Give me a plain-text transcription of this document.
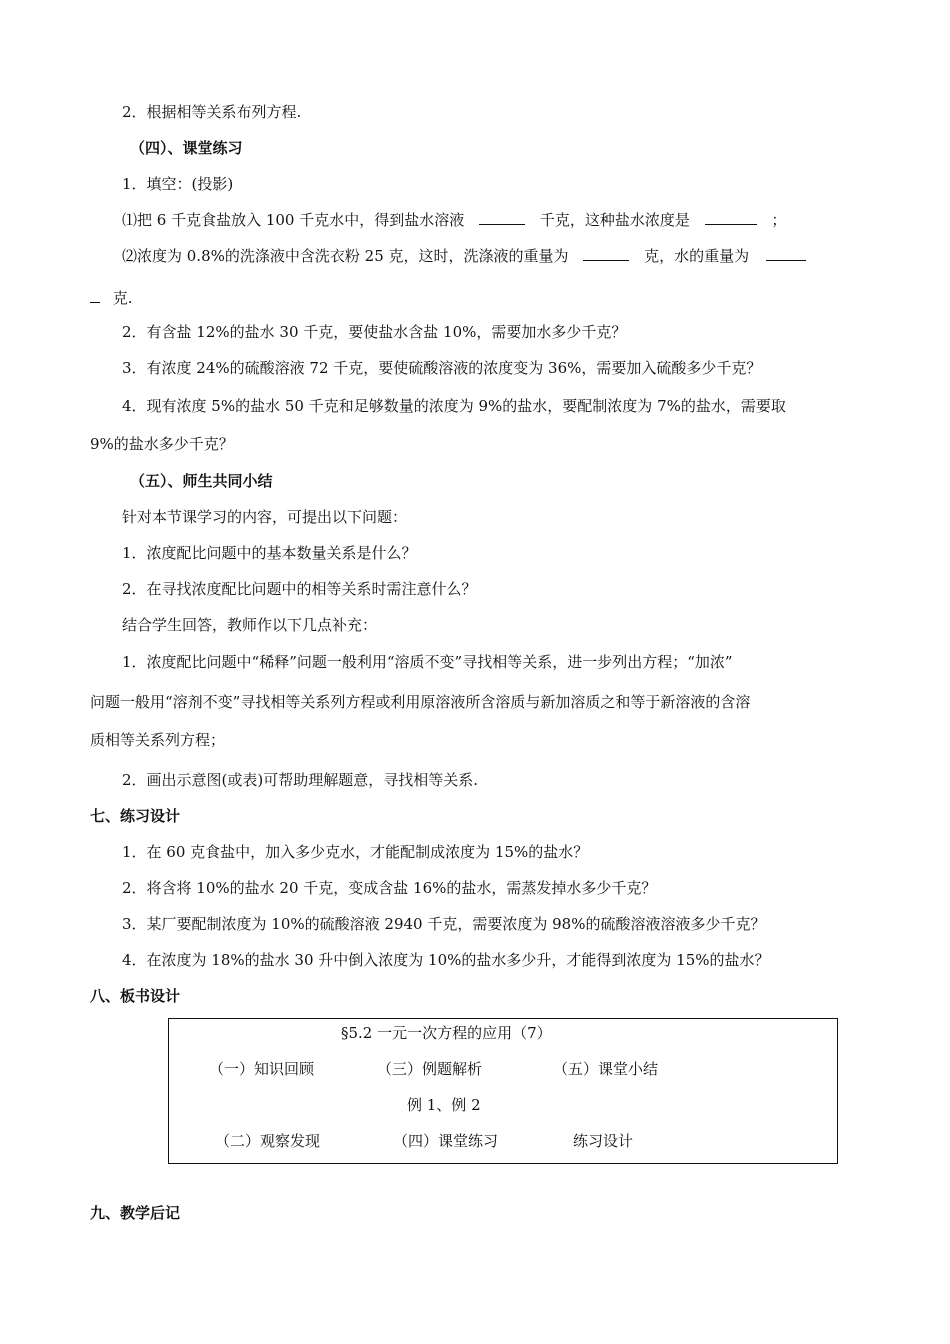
2．根据相等关系布列方程.
（四）、课堂练习
1．填空：(投影)
⑴把 6 千克食盐放入 100 千克水中，得到盐水溶液	千克，这种盐水浓度是	；
⑵浓度为 0.8%的洗涤液中含洗衣粉 25 克，这时，洗涤液的重量为	克，水的重量为
克.
2．有含盐 12%的盐水 30 千克，要使盐水含盐 10%，需要加水多少千克？
3．有浓度 24%的硫酸溶液 72 千克，要使硫酸溶液的浓度变为 36%，需要加入硫酸多少千克？
4．现有浓度 5%的盐水 50 千克和足够数量的浓度为 9%的盐水，要配制浓度为 7%的盐水，需要取
9%的盐水多少千克？
（五）、师生共同小结
针对本节课学习的内容，可提出以下问题：
1．浓度配比问题中的基本数量关系是什么？
2．在寻找浓度配比问题中的相等关系时需注意什么？
结合学生回答，教师作以下几点补充：
1．浓度配比问题中“稀释”问题一般利用“溶质不变”寻找相等关系，进一步列出方程；“加浓”
问题一般用“溶剂不变”寻找相等关系列方程或利用原溶液所含溶质与新加溶质之和等于新溶液的含溶
质相等关系列方程；
2．画出示意图(或表)可帮助理解题意，寻找相等关系.
七、练习设计
1．在 60 克食盐中，加入多少克水，才能配制成浓度为 15%的盐水？
2．将含将 10%的盐水 20 千克，变成含盐 16%的盐水，需蒸发掉水多少千克？
3．某厂要配制浓度为 10%的硫酸溶液 2940 千克，需要浓度为 98%的硫酸溶液溶液多少千克？
4．在浓度为 18%的盐水 30 升中倒入浓度为 10%的盐水多少升，才能得到浓度为 15%的盐水？
八、板书设计
§5.2 一元一次方程的应用（7）
（一）知识回顾	（三）例题解析	（五）课堂小结
例 1、例 2
（二）观察发现	（四）课堂练习	练习设计
九、教学后记
